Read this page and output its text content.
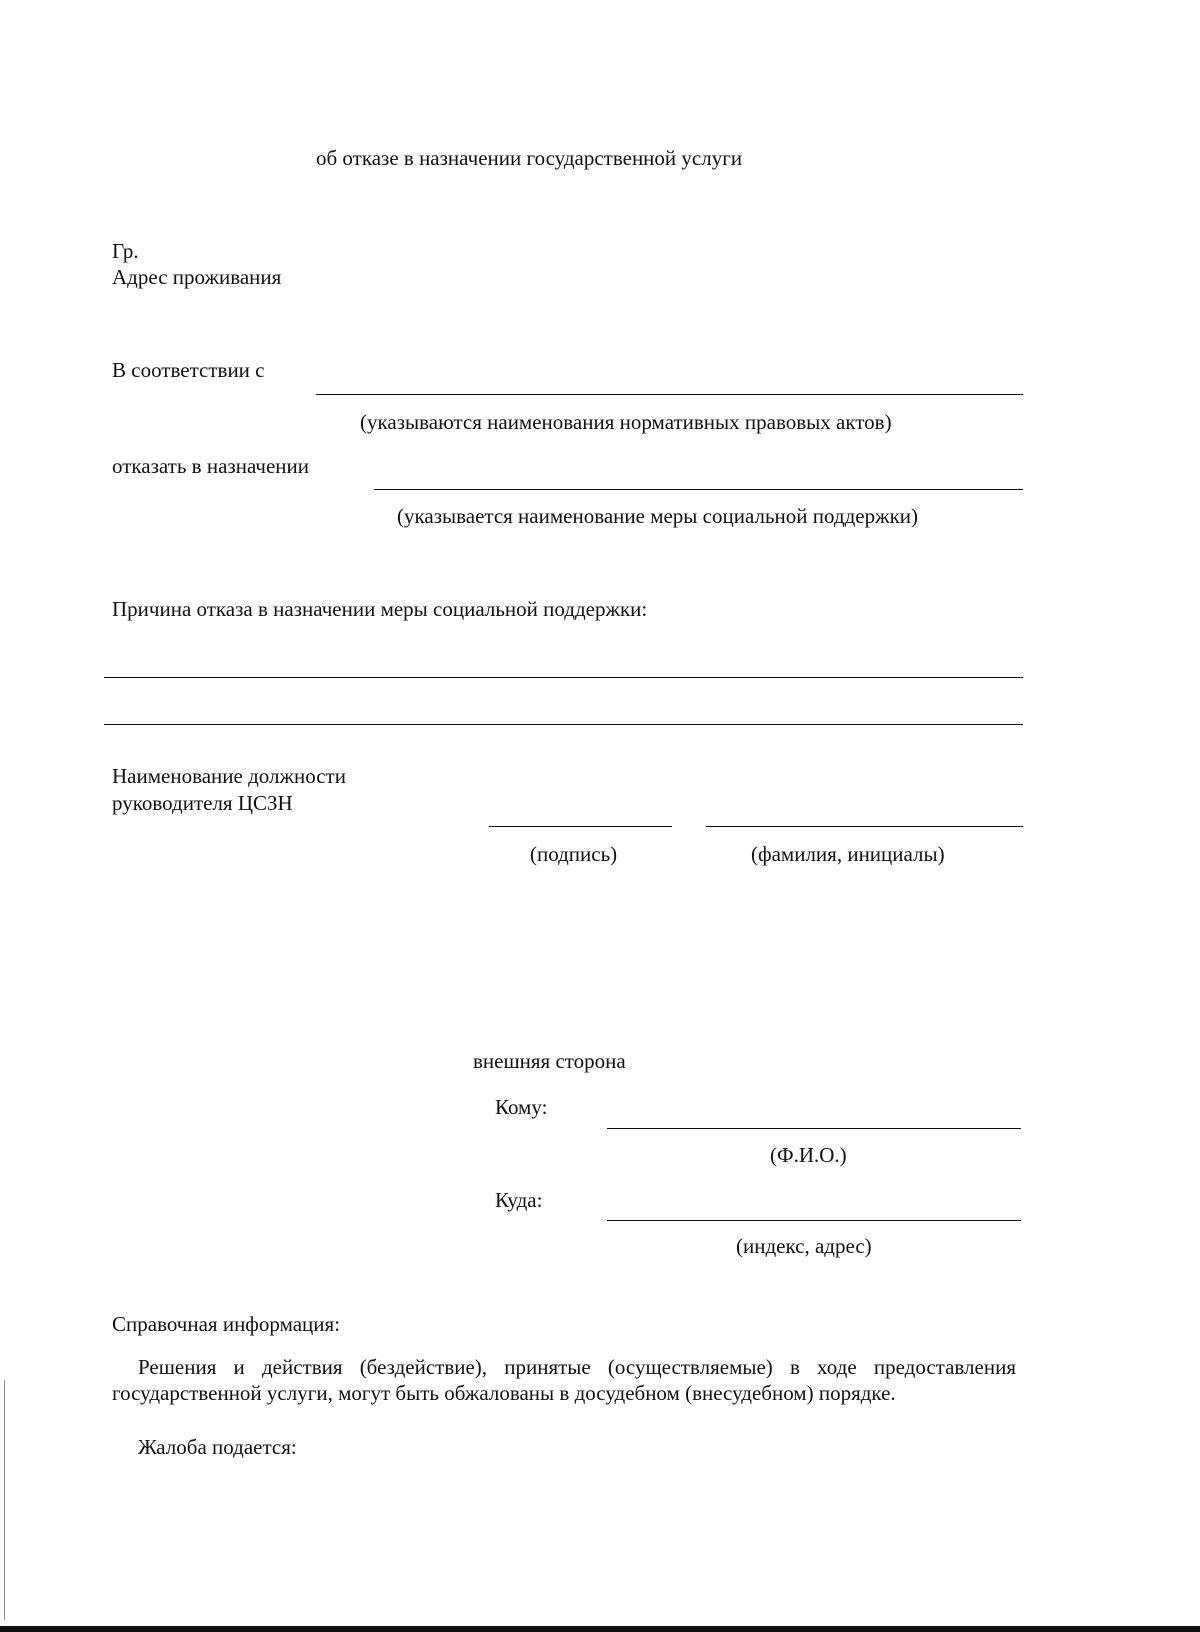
об отказе в назначении государственной услуги
Гр.
Адрес проживания
В соответствии с
(указываются наименования нормативных правовых актов)
отказать в назначении
(указывается наименование меры социальной поддержки)
Причина отказа в назначении меры социальной поддержки:
Наименование должности
руководителя ЦСЗН
(подпись)	(фамилия, инициалы)
внешняя сторона
Кому:
(Ф.И.О.)
Куда:
(индекс, адрес)
Справочная информация:
Решения и действия (бездействие), принятые (осуществляемые) в ходе предоставления государственной услуги, могут быть обжалованы в досудебном (внесудебном) порядке.
Жалоба подается:
